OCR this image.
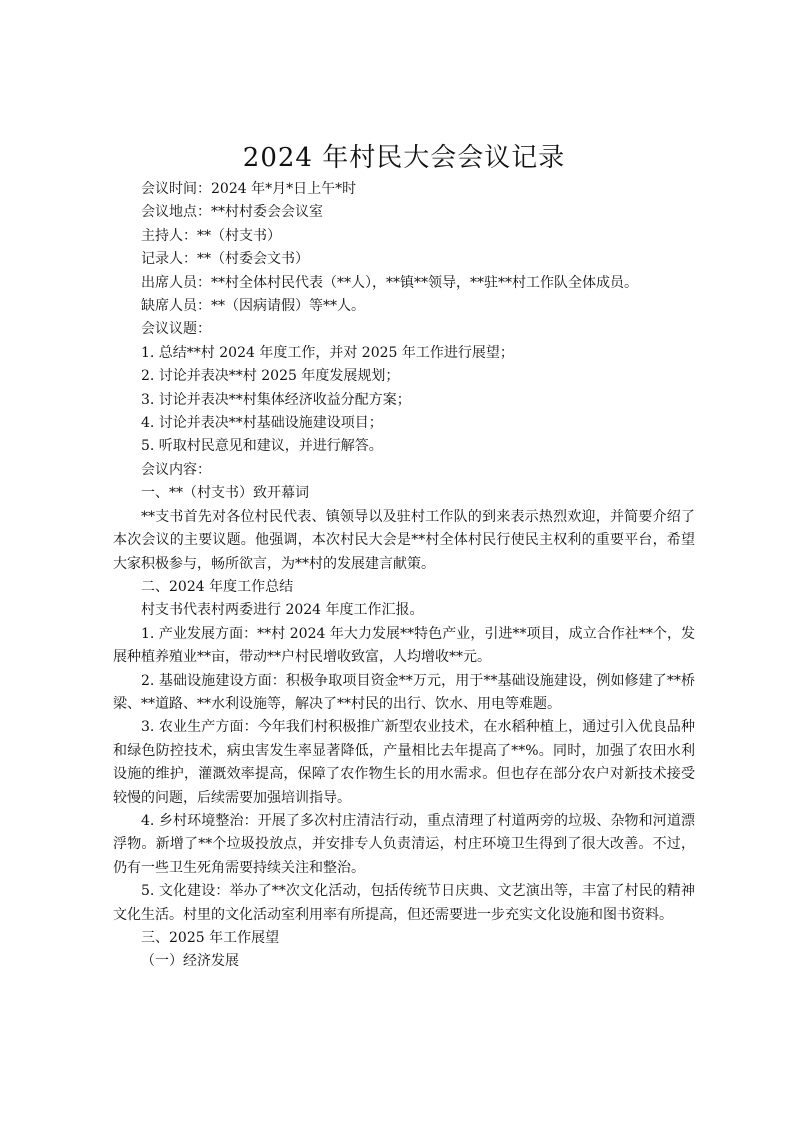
2024 年村民大会会议记录

会议时间：2024 年*月*日上午*时

会议地点：**村村委会会议室

主持人：**（村支书）

记录人：**（村委会文书）

出席人员：**村全体村民代表（**人），**镇**领导，**驻**村工作队全体成员。

缺席人员：**（因病请假）等**人。

会议议题：

1. 总结**村 2024 年度工作，并对 2025 年工作进行展望；

2. 讨论并表决**村 2025 年度发展规划；

3. 讨论并表决**村集体经济收益分配方案；

4. 讨论并表决**村基础设施建设项目；

5. 听取村民意见和建议，并进行解答。

会议内容：

一、**（村支书）致开幕词

**支书首先对各位村民代表、镇领导以及驻村工作队的到来表示热烈欢迎，并简要介绍了本次会议的主要议题。他强调，本次村民大会是**村全体村民行使民主权利的重要平台，希望大家积极参与，畅所欲言，为**村的发展建言献策。

二、2024 年度工作总结

村支书代表村两委进行 2024 年度工作汇报。

1. 产业发展方面：**村 2024 年大力发展**特色产业，引进**项目，成立合作社**个，发展种植养殖业**亩，带动**户村民增收致富，人均增收**元。

2. 基础设施建设方面：积极争取项目资金**万元，用于**基础设施建设，例如修建了**桥梁、**道路、**水利设施等，解决了**村民的出行、饮水、用电等难题。

3. 农业生产方面：今年我们村积极推广新型农业技术，在水稻种植上，通过引入优良品种和绿色防控技术，病虫害发生率显著降低，产量相比去年提高了**%。同时，加强了农田水利设施的维护，灌溉效率提高，保障了农作物生长的用水需求。但也存在部分农户对新技术接受较慢的问题，后续需要加强培训指导。

4. 乡村环境整治：开展了多次村庄清洁行动，重点清理了村道两旁的垃圾、杂物和河道漂浮物。新增了**个垃圾投放点，并安排专人负责清运，村庄环境卫生得到了很大改善。不过，仍有一些卫生死角需要持续关注和整治。

5. 文化建设：举办了**次文化活动，包括传统节日庆典、文艺演出等，丰富了村民的精神文化生活。村里的文化活动室利用率有所提高，但还需要进一步充实文化设施和图书资料。

三、2025 年工作展望

（一）经济发展
